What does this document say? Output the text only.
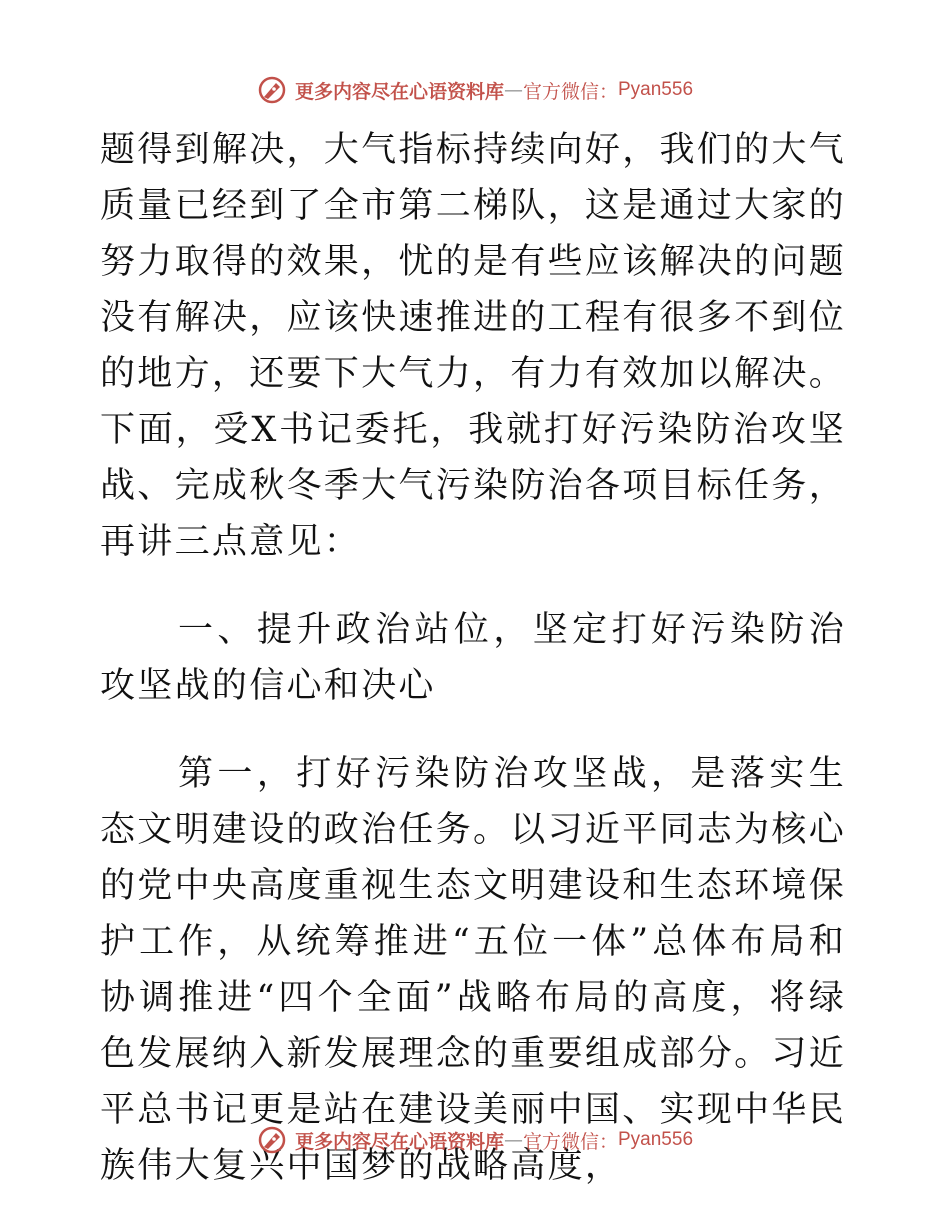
更多内容尽在心语资料库 — 官方微信： Pyan556

题得到解决，大气指标持续向好，我们的大气质量已经到了全市第二梯队，这是通过大家的努力取得的效果，忧的是有些应该解决的问题没有解决，应该快速推进的工程有很多不到位的地方，还要下大气力，有力有效加以解决。下面，受X书记委托，我就打好污染防治攻坚战、完成秋冬季大气污染防治各项目标任务，再讲三点意见：

一、提升政治站位，坚定打好污染防治攻坚战的信心和决心

第一，打好污染防治攻坚战，是落实生态文明建设的政治任务。以习近平同志为核心的党中央高度重视生态文明建设和生态环境保护工作，从统筹推进“五位一体”总体布局和协调推进“四个全面”战略布局的高度，将绿色发展纳入新发展理念的重要组成部分。习近平总书记更是站在建设美丽中国、实现中华民族伟大复兴中国梦的战略高度，

更多内容尽在心语资料库 — 官方微信： Pyan556
